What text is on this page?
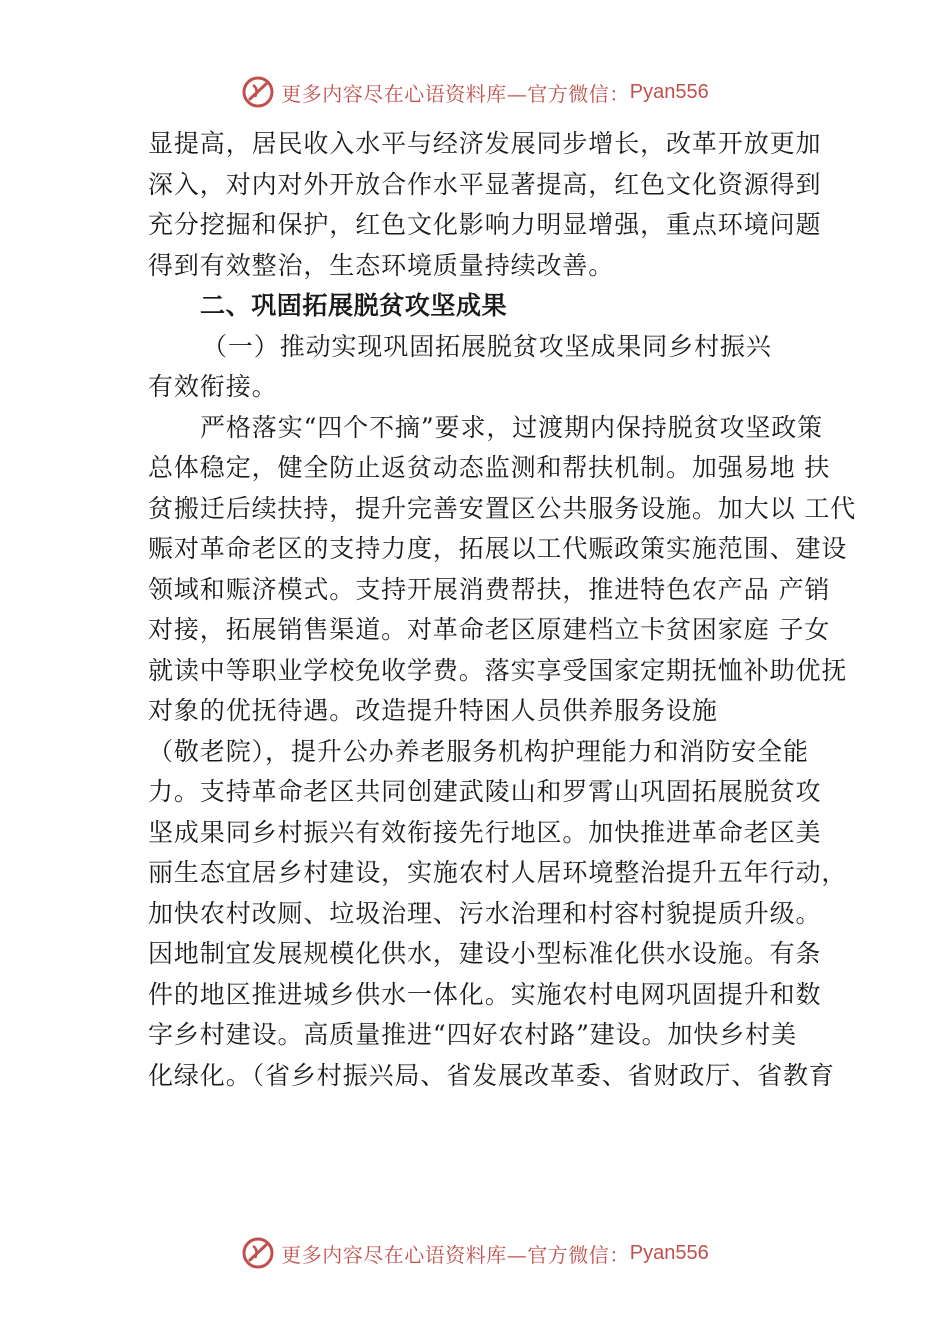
更多内容尽在心语资料库—官方微信： Pyan556
显提高，居民收入水平与经济发展同步增长，改革开放更加
深入，对内对外开放合作水平显著提高，红色文化资源得到
充分挖掘和保护，红色文化影响力明显增强，重点环境问题
得到有效整治，生态环境质量持续改善。
二、巩固拓展脱贫攻坚成果
（一）推动实现巩固拓展脱贫攻坚成果同乡村振兴
有效衔接。
严格落实“四个不摘”要求，过渡期内保持脱贫攻坚政策
总体稳定，健全防止返贫动态监测和帮扶机制。加强易地 扶
贫搬迁后续扶持，提升完善安置区公共服务设施。加大以 工代
赈对革命老区的支持力度，拓展以工代赈政策实施范围、建设
领域和赈济模式。支持开展消费帮扶，推进特色农产品 产销
对接，拓展销售渠道。对革命老区原建档立卡贫困家庭 子女
就读中等职业学校免收学费。落实享受国家定期抚恤补助优抚
对象的优抚待遇。改造提升特困人员供养服务设施
（敬老院），提升公办养老服务机构护理能力和消防安全能
力。支持革命老区共同创建武陵山和罗霄山巩固拓展脱贫攻
坚成果同乡村振兴有效衔接先行地区。加快推进革命老区美
丽生态宜居乡村建设，实施农村人居环境整治提升五年行动，
加快农村改厕、垃圾治理、污水治理和村容村貌提质升级。
因地制宜发展规模化供水，建设小型标准化供水设施。有条
件的地区推进城乡供水一体化。实施农村电网巩固提升和数
字乡村建设。高质量推进“四好农村路”建设。加快乡村美
化绿化。（省乡村振兴局、省发展改革委、省财政厅、省教育
更多内容尽在心语资料库—官方微信： Pyan556
